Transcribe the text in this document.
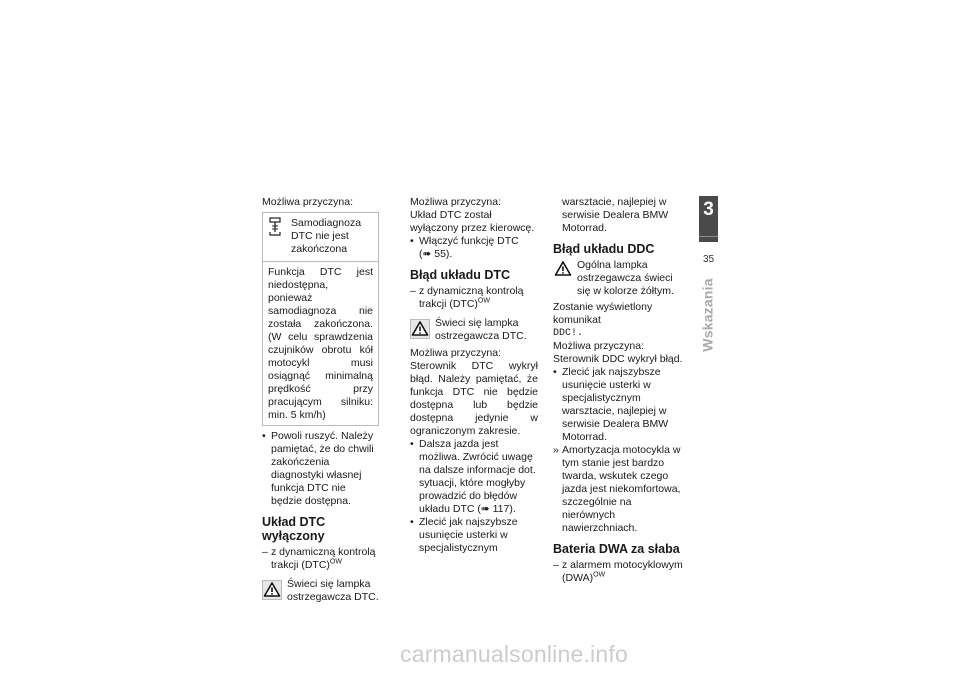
Możliwa przyczyna:

Samodiagnoza DTC nie jest zakończona
Funkcja DTC jest niedostępna, ponieważ samodiagnoza nie została zakończona. (W celu sprawdzenia czujników obrotu kół motocykl musi osiągnąć minimalną prędkość przy pracującym silniku: min. 5 km/h)
• Powoli ruszyć. Należy pamiętać, że do chwili zakończenia diagnostyki własnej funkcja DTC nie będzie dostępna.
Układ DTC wyłączony
– z dynamiczną kontrolą trakcji (DTC)$^{OW}$
Świeci się lampka ostrzegawcza DTC.

Możliwa przyczyna:

Układ DTC został wyłączony przez kierowcę.

• Włączyć funkcję DTC (➠ 55).
Błąd układu DTC
– z dynamiczną kontrolą trakcji (DTC)$^{OW}$
Świeci się lampka ostrzegawcza DTC.

Możliwa przyczyna:

Sterownik DTC wykrył błąd. Należy pamiętać, że funkcja DTC nie będzie dostępna lub będzie dostępna jedynie w ograniczonym zakresie.

• Dalsza jazda jest możliwa. Zwrócić uwagę na dalsze informacje dot. sytuacji, które mogłyby prowadzić do błędów układu DTC (➠ 117).
• Zlecić jak najszybsze usunięcie usterki w specjalistycznym

warsztacie, najlepiej w serwisie Dealera BMW Motorrad.

Błąd układu DDC
Ogólna lampka ostrzegawcza świeci się w kolorze żółtym.

Zostanie wyświetlony komunikat

DDC!.

Możliwa przyczyna:

Sterownik DDC wykrył błąd.

• Zlecić jak najszybsze usunięcie usterki w specjalistycznym warsztacie, najlepiej w serwisie Dealera BMW Motorrad.
» Amortyzacja motocykla w tym stanie jest bardzo twarda, wskutek czego jazda jest niekomfortowa, szczególnie na nierównych nawierzchniach.
Bateria DWA za słaba
– z alarmem motocyklowym (DWA)$^{OW}$
3
35
Wskazania
carmanualsonline.info
